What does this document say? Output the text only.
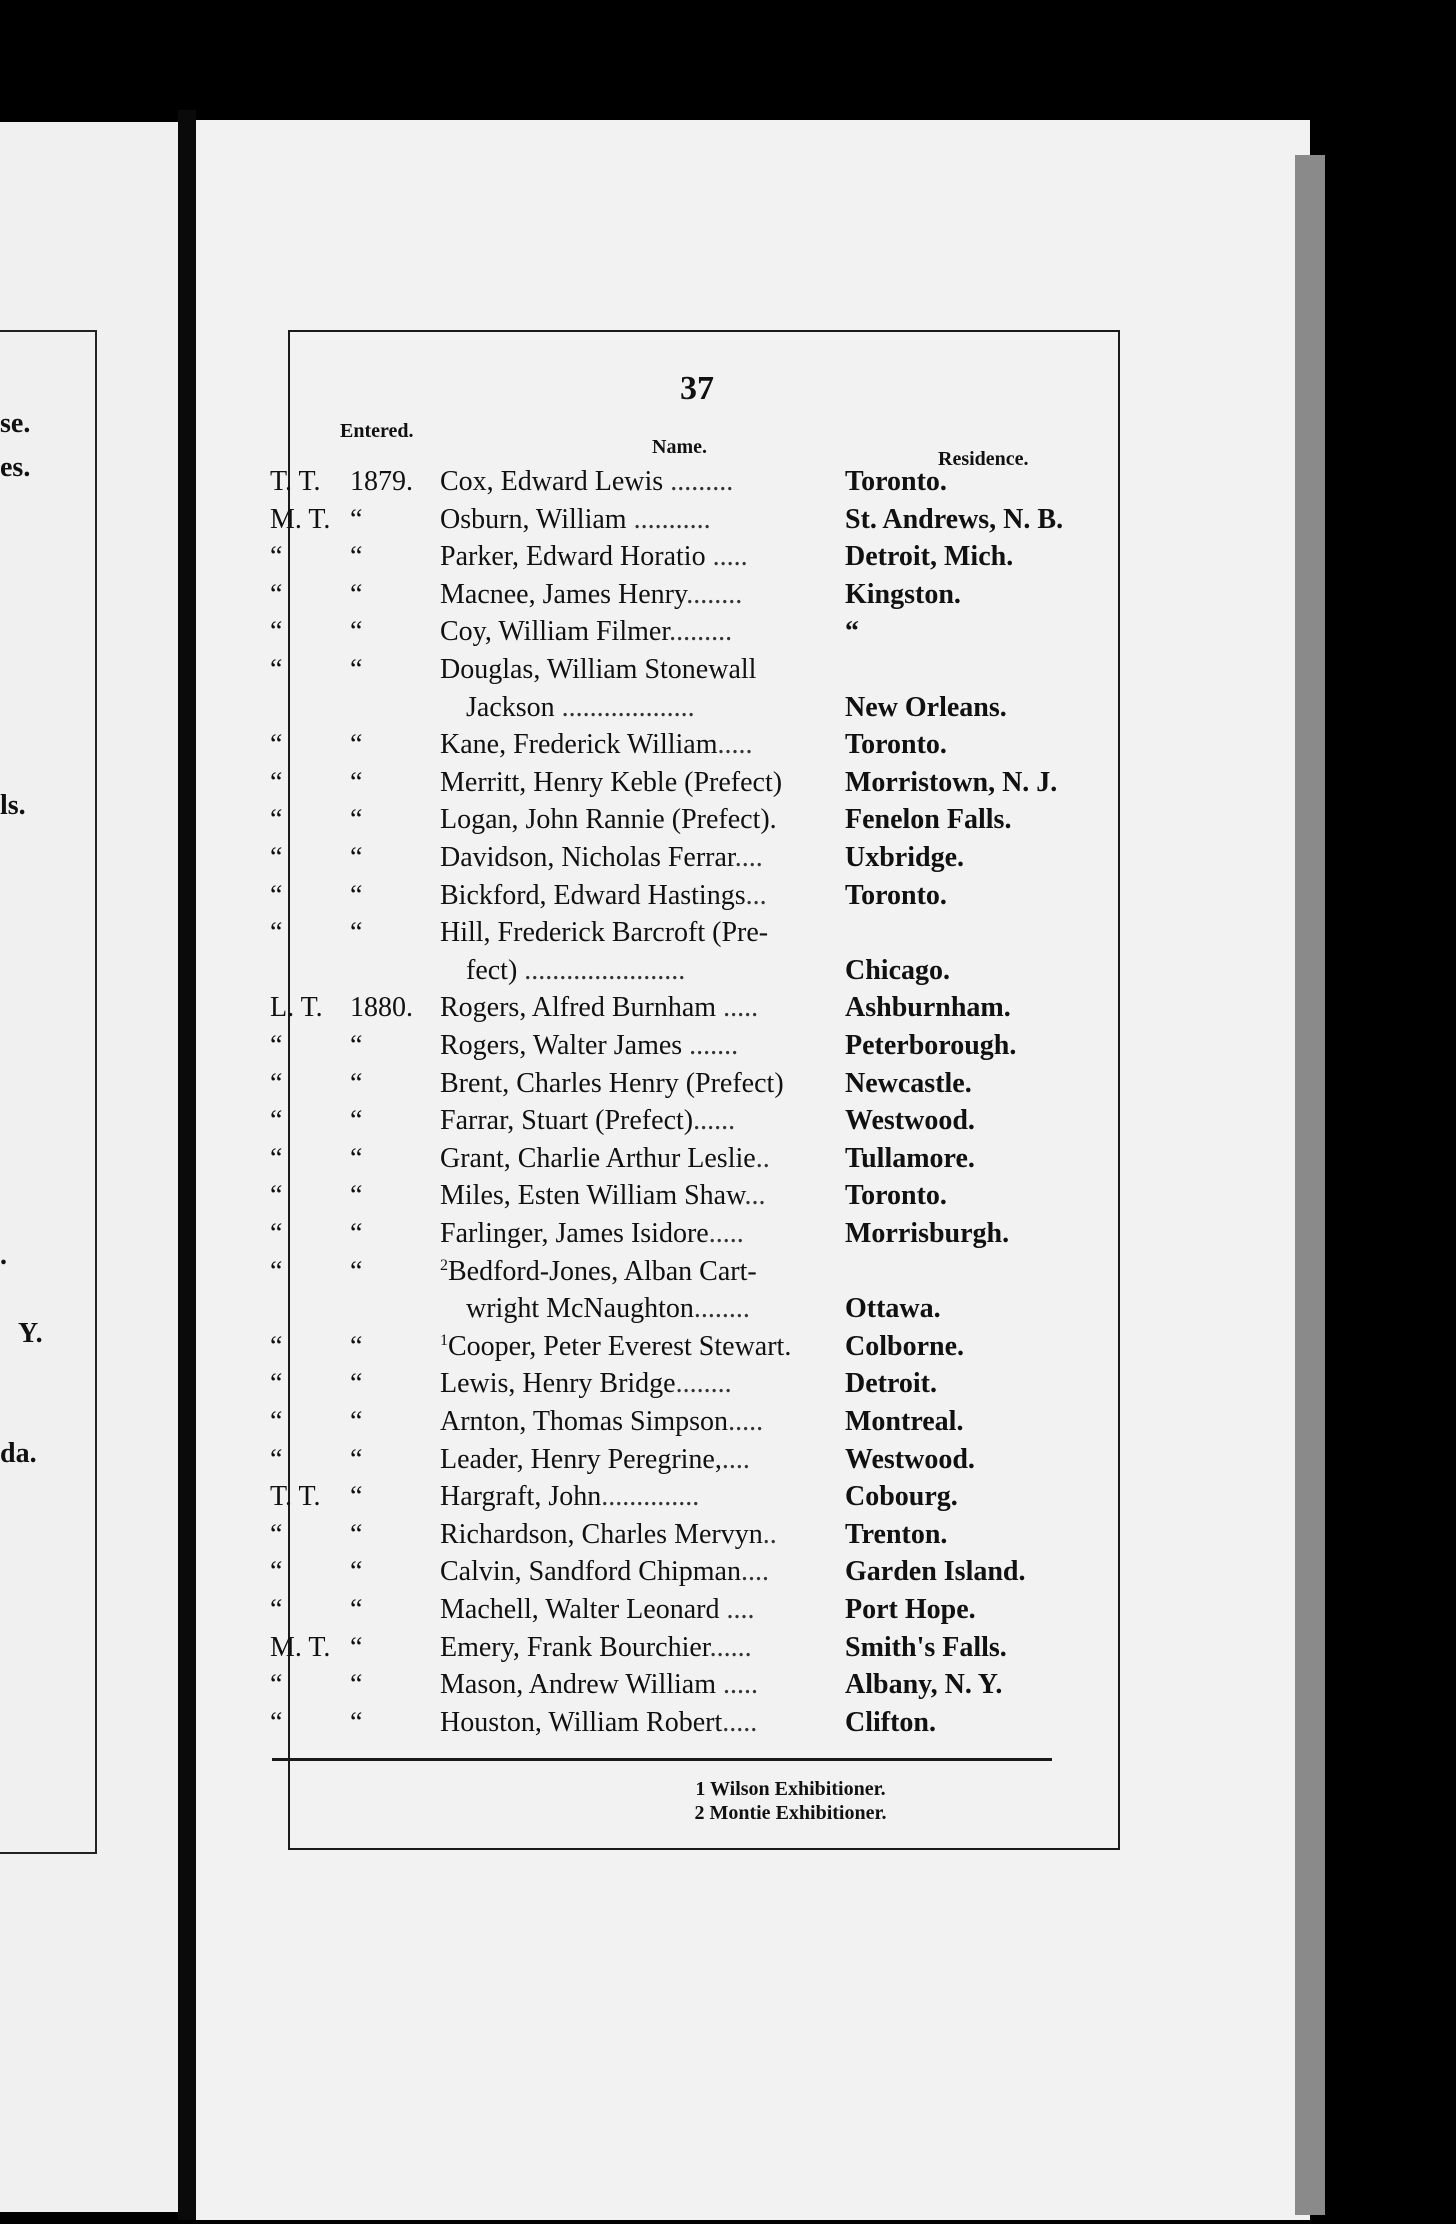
se.
es.
ls.
.
Y.
da.
37
Entered.
Name.
Residence.
T. T.	1879. Cox, Edward Lewis .........	Toronto.
M. T. “	Osburn, William ...........	St. Andrews, N. B.
“	“	Parker, Edward Horatio .....	Detroit, Mich.
“	“	Macnee, James Henry........	Kingston.
“	“	Coy, William Filmer.........	“
“	“	Douglas, William Stonewall
Jackson ...................	New Orleans.
“	“	Kane, Frederick William.....	Toronto.
“	“	Merritt, Henry Keble (Prefect)	Morristown, N. J.
“	“	Logan, John Rannie (Prefect).	Fenelon Falls.
“	“	Davidson, Nicholas Ferrar....	Uxbridge.
“	“	Bickford, Edward Hastings...	Toronto.
“	“	Hill, Frederick Barcroft (Pre-
fect) .......................	Chicago.
L. T. 1880. Rogers, Alfred Burnham .....	Ashburnham.
“	“	Rogers, Walter James .......	Peterborough.
“	“	Brent, Charles Henry (Prefect)	Newcastle.
“	“	Farrar, Stuart (Prefect)......	Westwood.
“	“	Grant, Charlie Arthur Leslie..	Tullamore.
“	“	Miles, Esten William Shaw...	Toronto.
“	“	Farlinger, James Isidore.....	Morrisburgh.
“	“	$^2$Bedford-Jones, Alban Cart-
wright McNaughton........	Ottawa.
“	“	$^1$Cooper, Peter Everest Stewart.	Colborne.
“	“	Lewis, Henry Bridge........	Detroit.
“	“	Arnton, Thomas Simpson.....	Montreal.
“	“	Leader, Henry Peregrine,....	Westwood.
T. T.	“	Hargraft, John..............	Cobourg.
“	“	Richardson, Charles Mervyn..	Trenton.
“	“	Calvin, Sandford Chipman....	Garden Island.
“	“	Machell, Walter Leonard ....	Port Hope.
M. T. “	Emery, Frank Bourchier......	Smith's Falls.
“	“	Mason, Andrew William .....	Albany, N. Y.
“	“	Houston, William Robert.....	Clifton.
1 Wilson Exhibitioner.
2 Montie Exhibitioner.
